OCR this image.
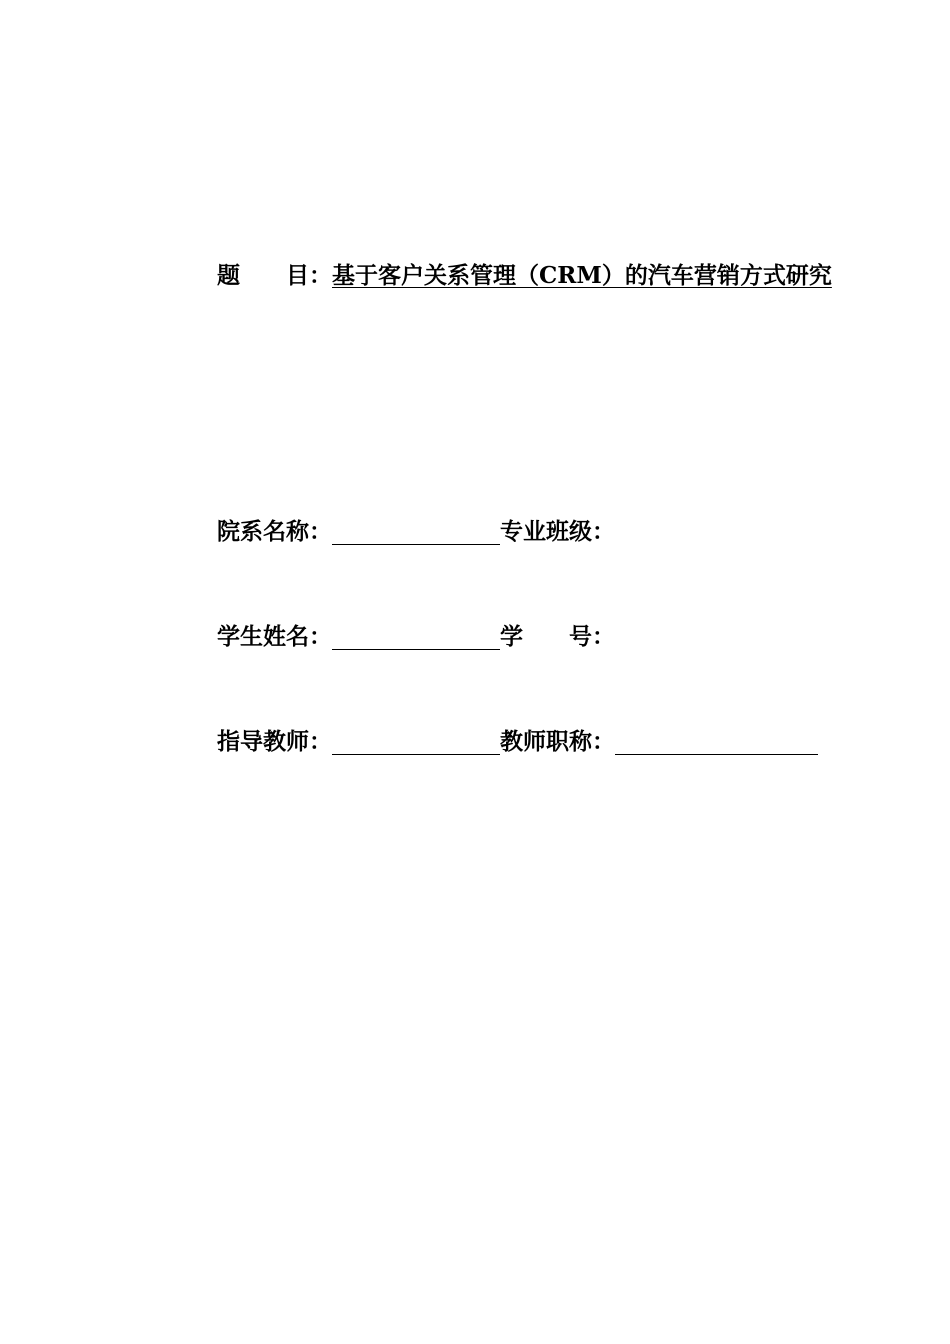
题　　目：基于客户关系管理（CRM）的汽车营销方式研究
院系名称：	专业班级：
学生姓名：	学　　号：
指导教师：	教师职称：
